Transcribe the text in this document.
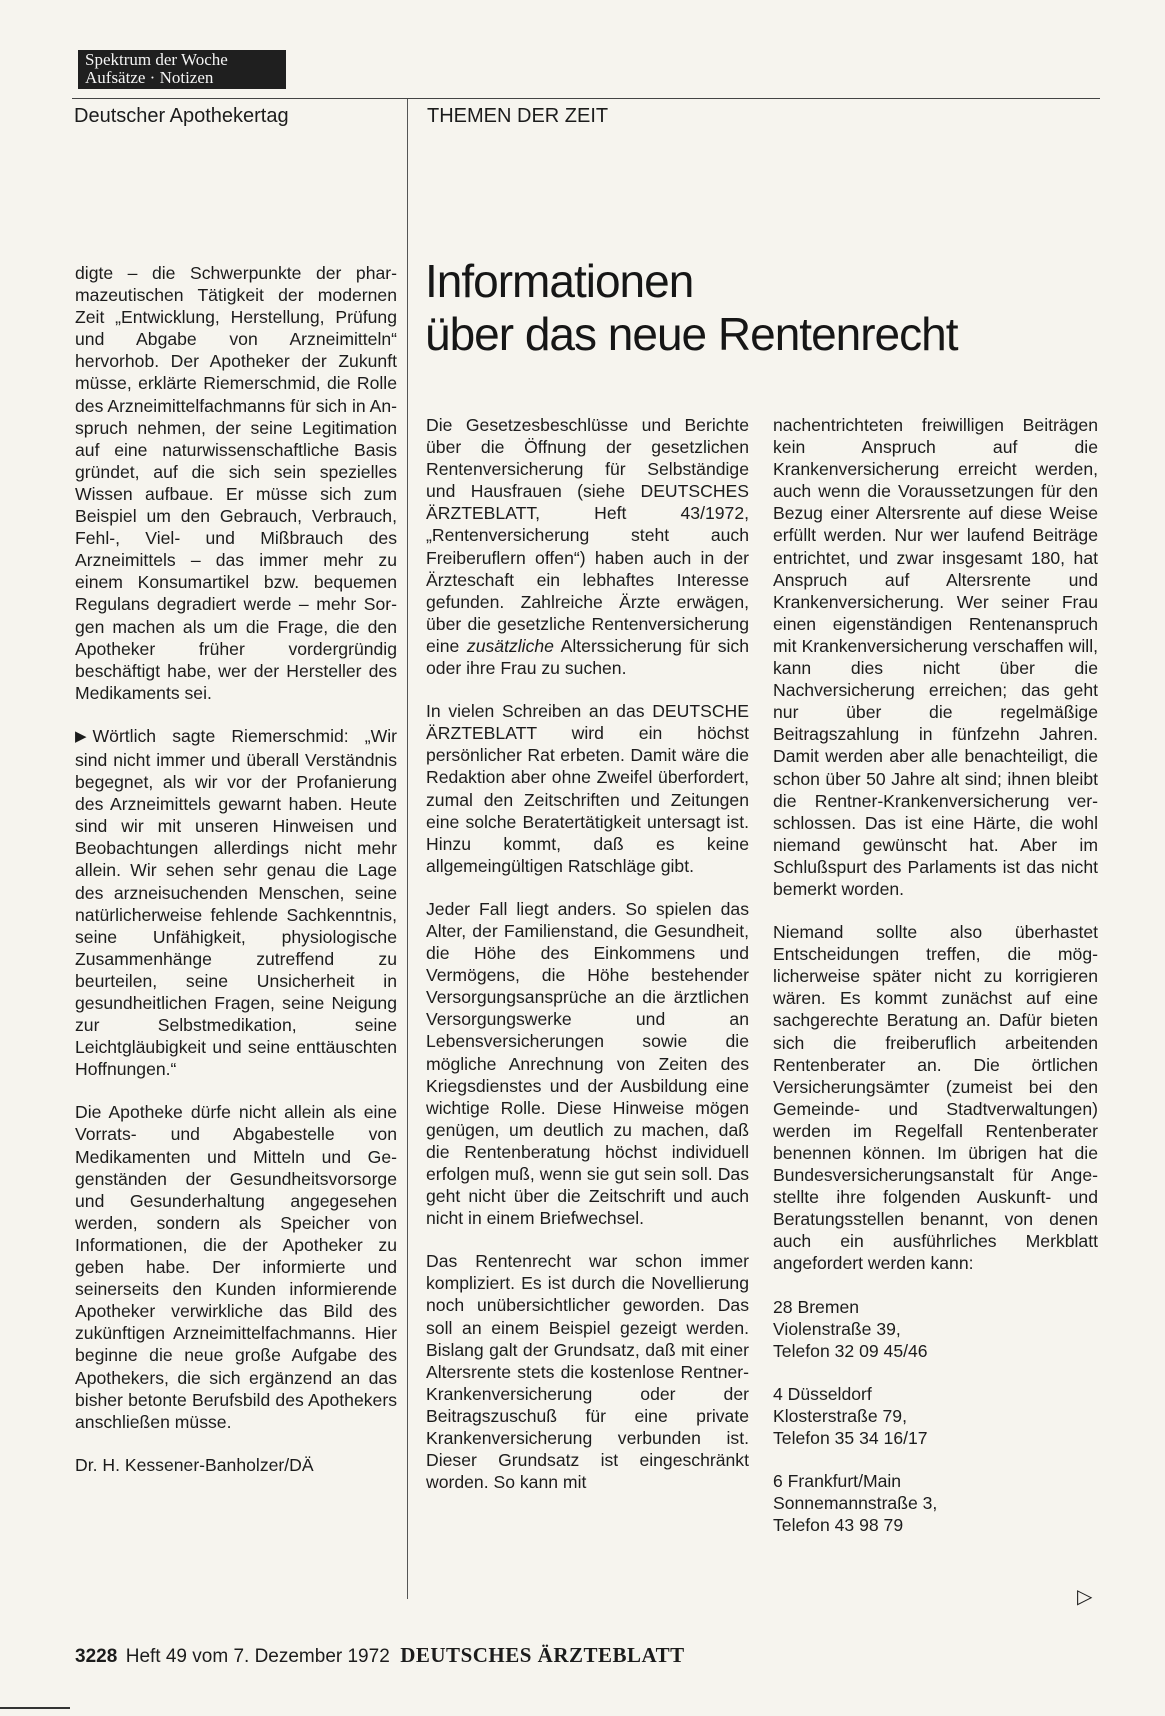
Spektrum der Woche
Aufsätze · Notizen
Deutscher Apothekertag	THEMEN DER ZEIT
Informationen
über das neue Rentenrecht

digte – die Schwerpunkte der pharmazeutischen Tätigkeit der modernen Zeit „Entwicklung, Herstellung, Prüfung und Abgabe von Arzneimitteln“ hervorhob. Der Apotheker der Zukunft müsse, erklärte Riemerschmid, die Rolle des Arzneimittelfachmanns für sich in Anspruch nehmen, der seine Legitimation auf eine naturwissenschaftliche Basis gründet, auf die sich sein spezielles Wissen aufbaue. Er müsse sich zum Beispiel um den Gebrauch, Verbrauch, Fehl-, Viel- und Mißbrauch des Arzneimittels – das immer mehr zu einem Konsumartikel bzw. bequemen Regulans degradiert werde – mehr Sorgen machen als um die Frage, die den Apotheker früher vordergründig beschäftigt habe, wer der Hersteller des Medikaments sei.

▶ Wörtlich sagte Riemerschmid: „Wir sind nicht immer und überall Verständnis begegnet, als wir vor der Profanierung des Arzneimittels gewarnt haben. Heute sind wir mit unseren Hinweisen und Beobachtungen allerdings nicht mehr allein. Wir sehen sehr genau die Lage des arzneisuchenden Menschen, seine natürlicherweise fehlende Sachkenntnis, seine Unfähigkeit, physiologische Zusammenhänge zutreffend zu beurteilen, seine Unsicherheit in gesundheitlichen Fragen, seine Neigung zur Selbstmedikation, seine Leichtgläubigkeit und seine enttäuschten Hoffnungen.“

Die Apotheke dürfe nicht allein als eine Vorrats- und Abgabestelle von Medikamenten und Mitteln und Gegenständen der Gesundheitsvorsorge und Gesunderhaltung angegesehen werden, sondern als Speicher von Informationen, die der Apotheker zu geben habe. Der informierte und seinerseits den Kunden informierende Apotheker verwirkliche das Bild des zukünftigen Arzneimittelfachmanns. Hier beginne die neue große Aufgabe des Apothekers, die sich ergänzend an das bisher betonte Berufsbild des Apothekers anschließen müsse.

Dr. H. Kessener-Banholzer/DÄ

Die Gesetzesbeschlüsse und Berichte über die Öffnung der gesetzlichen Rentenversicherung für Selbständige und Hausfrauen (siehe DEUTSCHES ÄRZTEBLATT, Heft 43/1972, „Rentenversicherung steht auch Freiberuflern offen“) haben auch in der Ärzteschaft ein lebhaftes Interesse gefunden. Zahlreiche Ärzte erwägen, über die gesetzliche Rentenversicherung eine zusätzliche Alterssicherung für sich oder ihre Frau zu suchen.

In vielen Schreiben an das DEUTSCHE ÄRZTEBLATT wird ein höchst persönlicher Rat erbeten. Damit wäre die Redaktion aber ohne Zweifel überfordert, zumal den Zeitschriften und Zeitungen eine solche Beratertätigkeit untersagt ist. Hinzu kommt, daß es keine allgemeingültigen Ratschläge gibt.

Jeder Fall liegt anders. So spielen das Alter, der Familienstand, die Gesundheit, die Höhe des Einkommens und Vermögens, die Höhe bestehender Versorgungsansprüche an die ärztlichen Versorgungswerke und an Lebensversicherungen sowie die mögliche Anrechnung von Zeiten des Kriegsdienstes und der Ausbildung eine wichtige Rolle. Diese Hinweise mögen genügen, um deutlich zu machen, daß die Rentenberatung höchst individuell erfolgen muß, wenn sie gut sein soll. Das geht nicht über die Zeitschrift und auch nicht in einem Briefwechsel.

Das Rentenrecht war schon immer kompliziert. Es ist durch die Novellierung noch unübersichtlicher geworden. Das soll an einem Beispiel gezeigt werden. Bislang galt der Grundsatz, daß mit einer Altersrente stets die kostenlose Rentner-Krankenversicherung oder der Beitragszuschuß für eine private Krankenversicherung verbunden ist. Dieser Grundsatz ist eingeschränkt worden. So kann mit

nachentrichteten freiwilligen Beiträgen kein Anspruch auf die Krankenversicherung erreicht werden, auch wenn die Voraussetzungen für den Bezug einer Altersrente auf diese Weise erfüllt werden. Nur wer laufend Beiträge entrichtet, und zwar insgesamt 180, hat Anspruch auf Altersrente und Krankenversicherung. Wer seiner Frau einen eigenständigen Rentenanspruch mit Krankenversicherung verschaffen will, kann dies nicht über die Nachversicherung erreichen; das geht nur über die regelmäßige Beitragszahlung in fünfzehn Jahren. Damit werden aber alle benachteiligt, die schon über 50 Jahre alt sind; ihnen bleibt die Rentner-Krankenversicherung verschlossen. Das ist eine Härte, die wohl niemand gewünscht hat. Aber im Schlußspurt des Parlaments ist das nicht bemerkt worden.

Niemand sollte also überhastet Entscheidungen treffen, die möglicherweise später nicht zu korrigieren wären. Es kommt zunächst auf eine sachgerechte Beratung an. Dafür bieten sich die freiberuflich arbeitenden Rentenberater an. Die örtlichen Versicherungsämter (zumeist bei den Gemeinde- und Stadtverwaltungen) werden im Regelfall Rentenberater benennen können. Im übrigen hat die Bundesversicherungsanstalt für Angestellte ihre folgenden Auskunft- und Beratungsstellen benannt, von denen auch ein ausführliches Merkblatt angefordert werden kann:

28 Bremen
Violenstraße 39,
Telefon 32 09 45/46
4 Düsseldorf
Klosterstraße 79,
Telefon 35 34 16/17
6 Frankfurt/Main
Sonnemannstraße 3,
Telefon 43 98 79
▷
3228 Heft 49 vom 7. Dezember 1972 DEUTSCHES ÄRZTEBLATT
